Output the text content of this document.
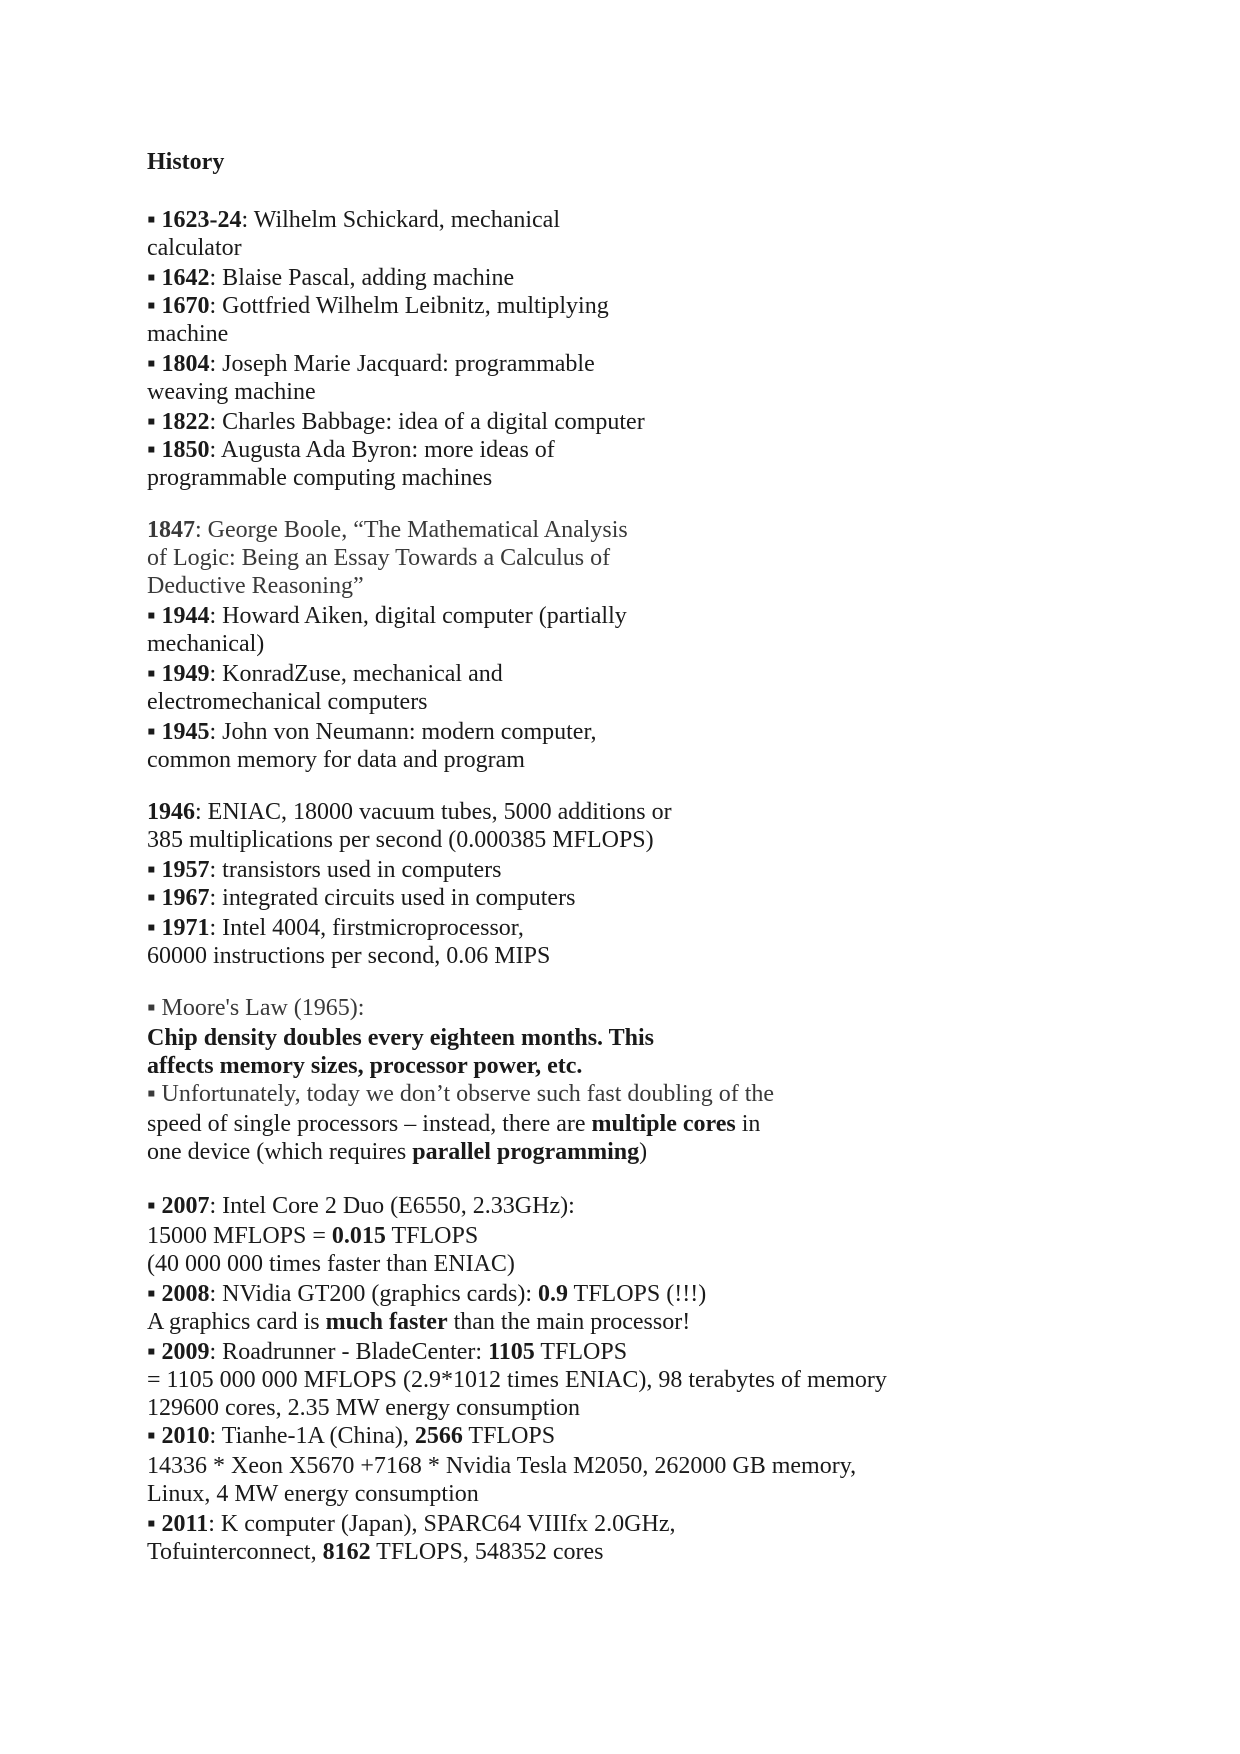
History
▪ 1623-24: Wilhelm Schickard, mechanical
calculator
▪ 1642: Blaise Pascal, adding machine
▪ 1670: Gottfried Wilhelm Leibnitz, multiplying
machine
▪ 1804: Joseph Marie Jacquard: programmable
weaving machine
▪ 1822: Charles Babbage: idea of a digital computer
▪ 1850: Augusta Ada Byron: more ideas of
programmable computing machines
1847: George Boole, “The Mathematical Analysis
of Logic: Being an Essay Towards a Calculus of
Deductive Reasoning”
▪ 1944: Howard Aiken, digital computer (partially
mechanical)
▪ 1949: KonradZuse, mechanical and
electromechanical computers
▪ 1945: John von Neumann: modern computer,
common memory for data and program
1946: ENIAC, 18000 vacuum tubes, 5000 additions or
385 multiplications per second (0.000385 MFLOPS)
▪ 1957: transistors used in computers
▪ 1967: integrated circuits used in computers
▪ 1971: Intel 4004, firstmicroprocessor,
60000 instructions per second, 0.06 MIPS
▪ Moore's Law (1965):
Chip density doubles every eighteen months. This
affects memory sizes, processor power, etc.
▪ Unfortunately, today we don’t observe such fast doubling of the
speed of single processors – instead, there are multiple cores in
one device (which requires parallel programming)
▪ 2007: Intel Core 2 Duo (E6550, 2.33GHz):
15000 MFLOPS = 0.015 TFLOPS
(40 000 000 times faster than ENIAC)
▪ 2008: NVidia GT200 (graphics cards): 0.9 TFLOPS (!!!)
A graphics card is much faster than the main processor!
▪ 2009: Roadrunner - BladeCenter: 1105 TFLOPS
= 1105 000 000 MFLOPS (2.9*1012 times ENIAC), 98 terabytes of memory
129600 cores, 2.35 MW energy consumption
▪ 2010: Tianhe-1A (China), 2566 TFLOPS
14336 * Xeon X5670 +7168 * Nvidia Tesla M2050, 262000 GB memory,
Linux, 4 MW energy consumption
▪ 2011: K computer (Japan), SPARC64 VIIIfx 2.0GHz,
Tofuinterconnect, 8162 TFLOPS, 548352 cores
